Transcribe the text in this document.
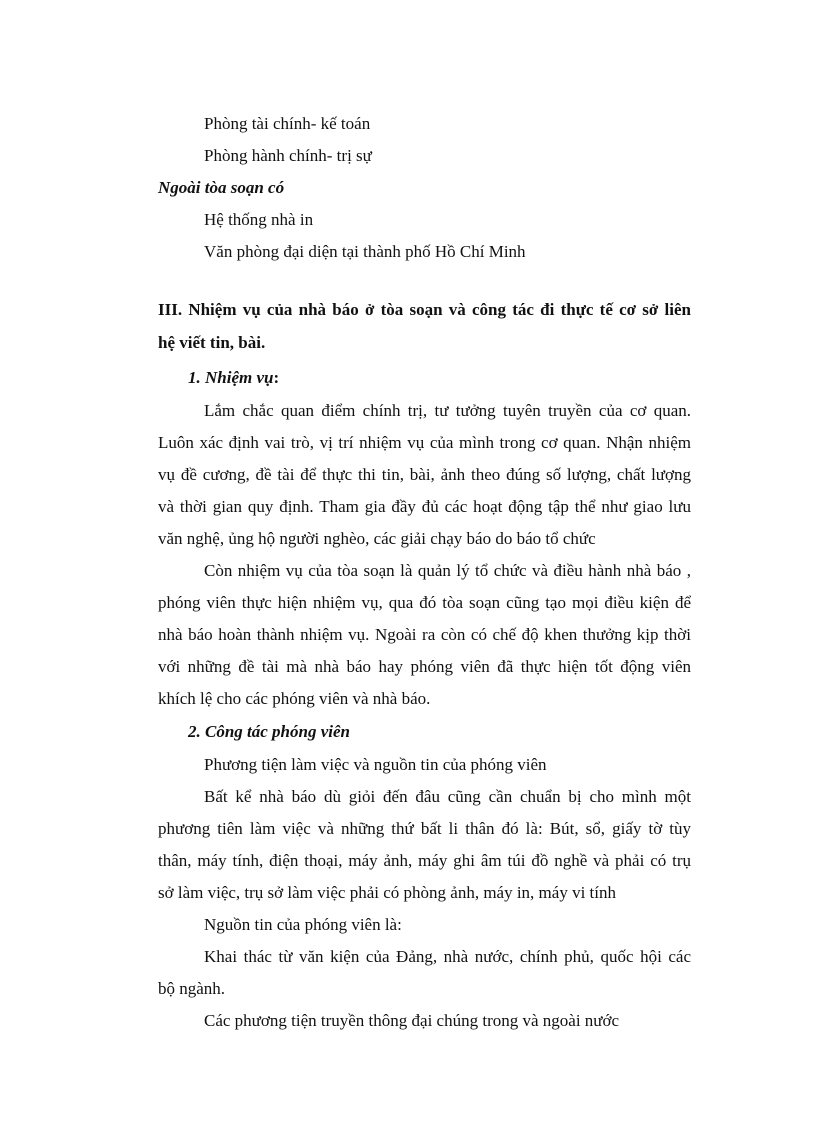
Phòng tài chính- kế toán
Phòng hành chính- trị sự
Ngoài tòa soạn có
Hệ thống nhà in
Văn phòng đại diện tại thành phố Hồ Chí Minh
III. Nhiệm vụ của nhà báo ở tòa soạn và công tác đi thực tế cơ sở liên
hệ viết tin, bài.
1. Nhiệm vụ:
Lắm chắc quan điểm chính trị, tư tưởng tuyên truyền của cơ quan.
Luôn xác định vai trò, vị trí nhiệm vụ của mình trong cơ quan. Nhận nhiệm
vụ đề cương, đề tài để thực thi tin, bài, ảnh theo đúng số lượng, chất lượng
và thời gian quy định. Tham gia đầy đủ các hoạt động tập thể như giao lưu
văn nghệ, ủng hộ người nghèo, các giải chạy báo do báo tổ chức
Còn nhiệm vụ của tòa soạn là quản lý tổ chức và điều hành nhà báo ,
phóng viên thực hiện nhiệm vụ, qua đó tòa soạn cũng tạo mọi điều kiện để
nhà báo hoàn thành nhiệm vụ. Ngoài ra còn có chế độ khen thưởng kịp thời
với những đề tài mà nhà báo hay phóng viên đã thực hiện tốt động viên
khích lệ cho các phóng viên và nhà báo.
2. Công tác phóng viên
Phương tiện làm việc và nguồn tin của phóng viên
Bất kể nhà báo dù giỏi đến đâu cũng cần chuẩn bị cho mình một
phương tiên làm việc và những thứ bất li thân đó là: Bút, sổ, giấy tờ tùy
thân, máy tính, điện thoại, máy ảnh, máy ghi âm túi đồ nghề và phải có trụ
sở làm việc, trụ sở làm việc phải có phòng ảnh, máy in, máy vi tính
Nguồn tin của phóng viên là:
Khai thác từ văn kiện của Đảng, nhà nước, chính phủ, quốc hội các
bộ ngành.
Các phương tiện truyền thông đại chúng trong và ngoài nước
